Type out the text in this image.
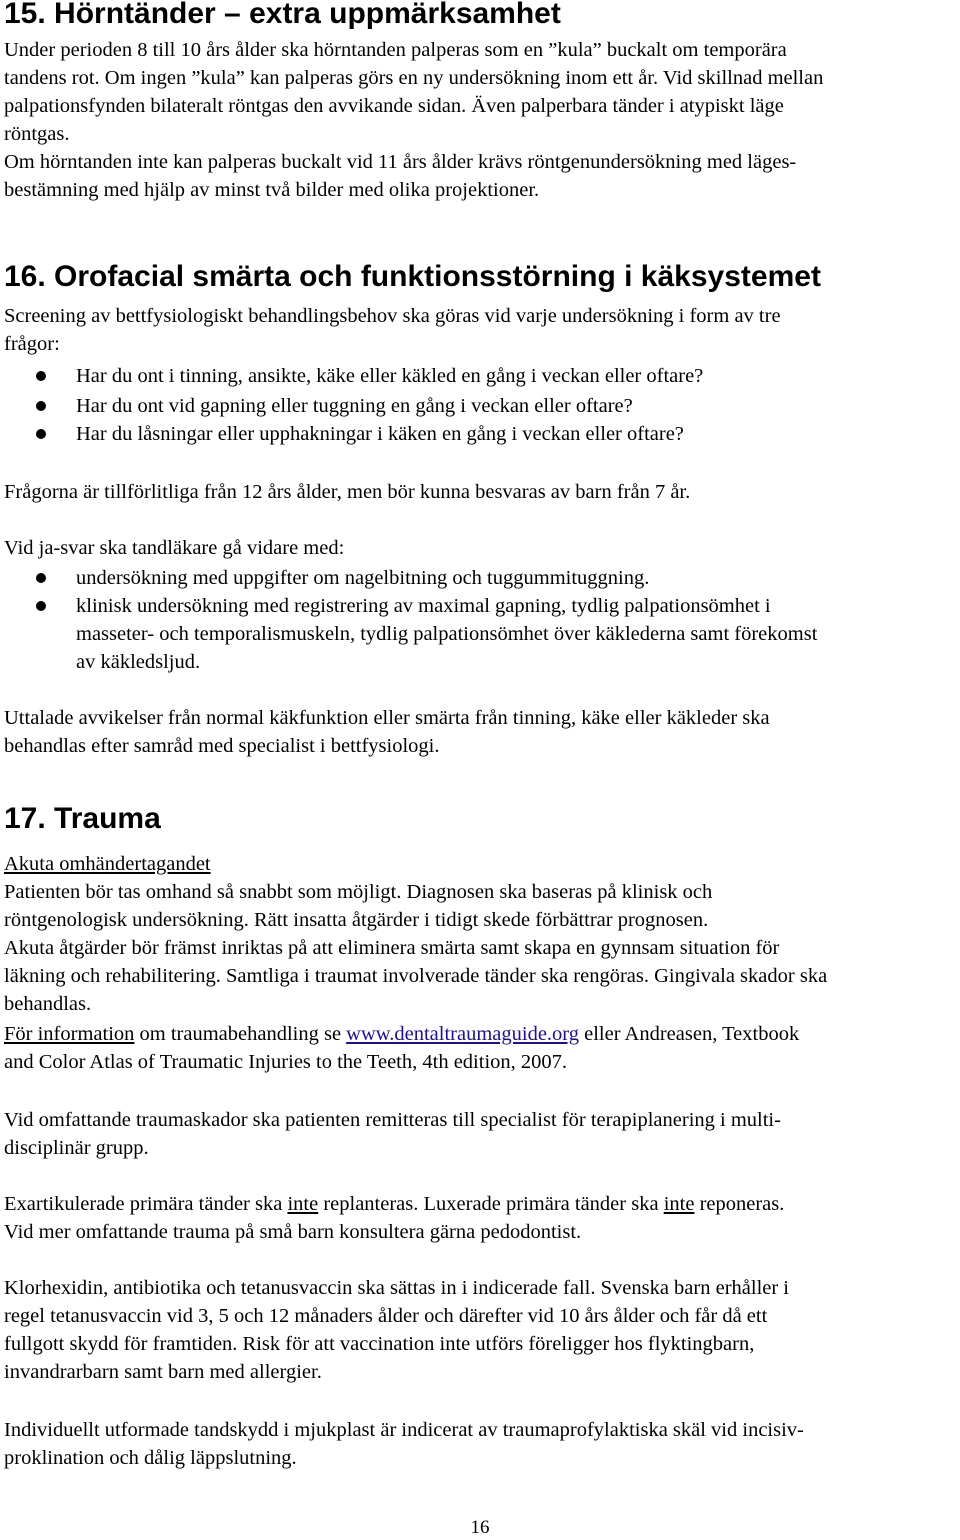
15. Hörntänder – extra uppmärksamhet
Under perioden 8 till 10 års ålder ska hörntanden palperas som en ”kula” buckalt om temporära
tandens rot. Om ingen ”kula” kan palperas görs en ny undersökning inom ett år. Vid skillnad mellan
palpationsfynden bilateralt röntgas den avvikande sidan. Även palperbara tänder i atypiskt läge
röntgas.
Om hörntanden inte kan palperas buckalt vid 11 års ålder krävs röntgenundersökning med läges-
bestämning med hjälp av minst två bilder med olika projektioner.
16. Orofacial smärta och funktionsstörning i käksystemet
Screening av bettfysiologiskt behandlingsbehov ska göras vid varje undersökning i form av tre
frågor:
Har du ont i tinning, ansikte, käke eller käkled en gång i veckan eller oftare?
Har du ont vid gapning eller tuggning en gång i veckan eller oftare?
Har du låsningar eller upphakningar i käken en gång i veckan eller oftare?
Frågorna är tillförlitliga från 12 års ålder, men bör kunna besvaras av barn från 7 år.
Vid ja-svar ska tandläkare gå vidare med:
undersökning med uppgifter om nagelbitning och tuggummituggning.
klinisk undersökning med registrering av maximal gapning, tydlig palpationsömhet i
masseter- och temporalismuskeln, tydlig palpationsömhet över käklederna samt förekomst
av käkledsljud.
Uttalade avvikelser från normal käkfunktion eller smärta från tinning, käke eller käkleder ska
behandlas efter samråd med specialist i bettfysiologi.
17. Trauma
Akuta omhändertagandet
Patienten bör tas omhand så snabbt som möjligt. Diagnosen ska baseras på klinisk och
röntgenologisk undersökning. Rätt insatta åtgärder i tidigt skede förbättrar prognosen.
Akuta åtgärder bör främst inriktas på att eliminera smärta samt skapa en gynnsam situation för
läkning och rehabilitering. Samtliga i traumat involverade tänder ska rengöras. Gingivala skador ska
behandlas.
För information om traumabehandling se www.dentaltraumaguide.org eller Andreasen, Textbook
and Color Atlas of Traumatic Injuries to the Teeth, 4th edition, 2007.
Vid omfattande traumaskador ska patienten remitteras till specialist för terapiplanering i multi-
disciplinär grupp.
Exartikulerade primära tänder ska inte replanteras. Luxerade primära tänder ska inte reponeras.
Vid mer omfattande trauma på små barn konsultera gärna pedodontist.
Klorhexidin, antibiotika och tetanusvaccin ska sättas in i indicerade fall. Svenska barn erhåller i
regel tetanusvaccin vid 3, 5 och 12 månaders ålder och därefter vid 10 års ålder och får då ett
fullgott skydd för framtiden. Risk för att vaccination inte utförs föreligger hos flyktingbarn,
invandrarbarn samt barn med allergier.
Individuellt utformade tandskydd i mjukplast är indicerat av traumaprofylaktiska skäl vid incisiv-
proklination och dålig läppslutning.
16
